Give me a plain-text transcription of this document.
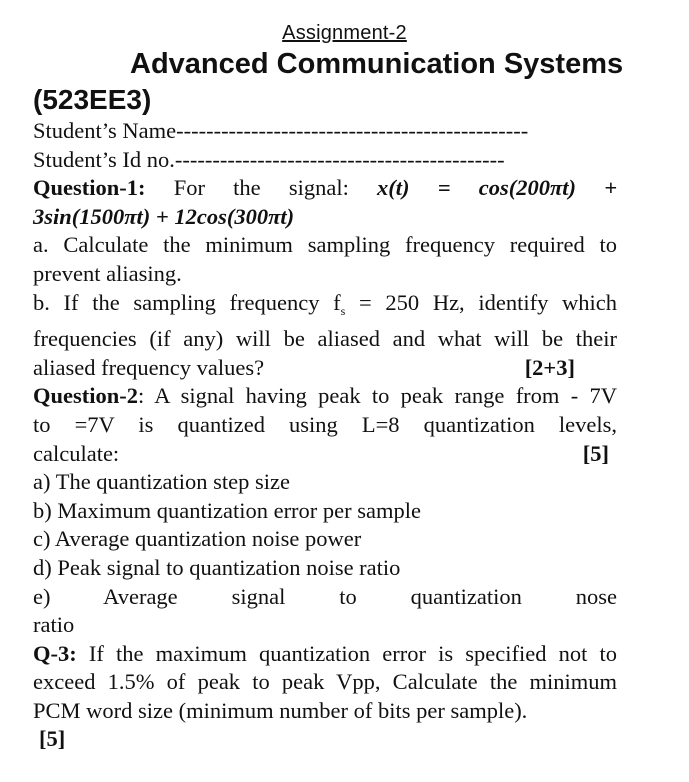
Assignment-2
Advanced Communication Systems
(523EE3)

Student’s Name-----------------------------------------------

Student’s Id no.--------------------------------------------

Question-1: For the signal: x(t) = cos(200πt) +

3sin(1500πt) + 12cos(300πt)

a. Calculate the minimum sampling frequency required to

prevent aliasing.

b. If the sampling frequency $f_s = 250$ Hz, identify which

frequencies (if any) will be aliased and what will be their

[2+3]
aliased frequency values?

Question-2: A signal having peak to peak range from - 7V

to =7V is quantized using L=8 quantization levels,

[5]
calculate:

a) The quantization step size

b) Maximum quantization error per sample

c) Average quantization noise power

d) Peak signal to quantization noise ratio

e) Average signal to quantization nose

ratio

Q-3: If the maximum quantization error is specified not to

exceed 1.5% of peak to peak Vpp, Calculate the minimum

PCM word size (minimum number of bits per sample).

[5]
